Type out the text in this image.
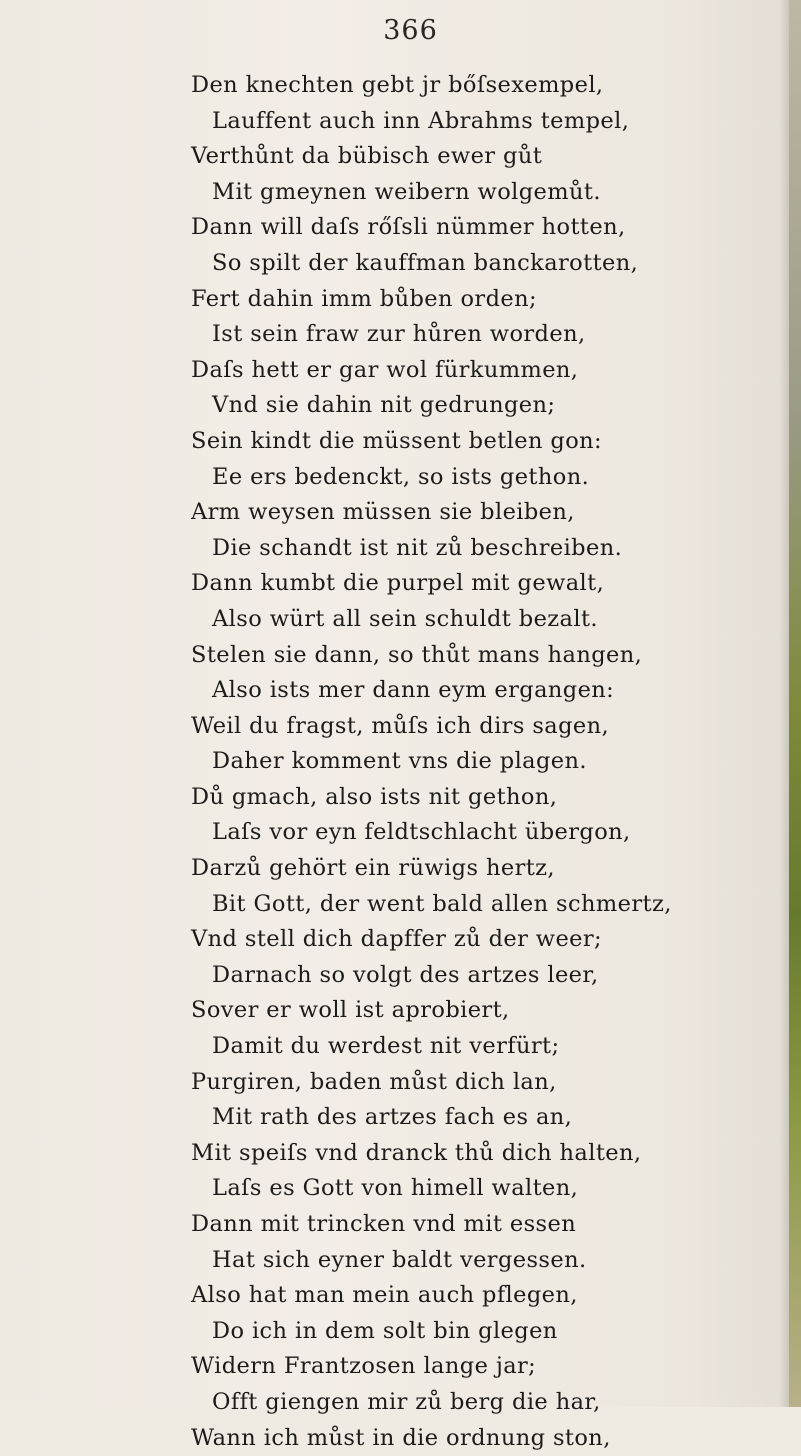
366
Den knechten gebt jr bőſsexempel,
Lauffent auch inn Abrahms tempel,
Verthůnt da bübisch ewer gůt
Mit gmeynen weibern wolgemůt.
Dann will daſs rőſsli nümmer hotten,
So spilt der kauffman banckarotten,
Fert dahin imm bůben orden;
Ist sein fraw zur hůren worden,
Daſs hett er gar wol fürkummen,
Vnd sie dahin nit gedrungen;
Sein kindt die müssent betlen gon:
Ee ers bedenckt, so ists gethon.
Arm weysen müssen sie bleiben,
Die schandt ist nit zů beschreiben.
Dann kumbt die purpel mit gewalt,
Also würt all sein schuldt bezalt.
Stelen sie dann, so thůt mans hangen,
Also ists mer dann eym ergangen:
Weil du fragst, můſs ich dirs sagen,
Daher komment vns die plagen.
Dů gmach, also ists nit gethon,
Laſs vor eyn feldtschlacht übergon,
Darzů gehört ein rüwigs hertz,
Bit Gott, der went bald allen schmertz,
Vnd stell dich dapffer zů der weer;
Darnach so volgt des artzes leer,
Sover er woll ist aprobiert,
Damit du werdest nit verfürt;
Purgiren, baden můst dich lan,
Mit rath des artzes fach es an,
Mit speiſs vnd dranck thů dich halten,
Laſs es Gott von himell walten,
Dann mit trincken vnd mit essen
Hat sich eyner baldt vergessen.
Also hat man mein auch pflegen,
Do ich in dem solt bin glegen
Widern Frantzosen lange jar;
Offt giengen mir zů berg die har,
Wann ich můst in die ordnung ston,
